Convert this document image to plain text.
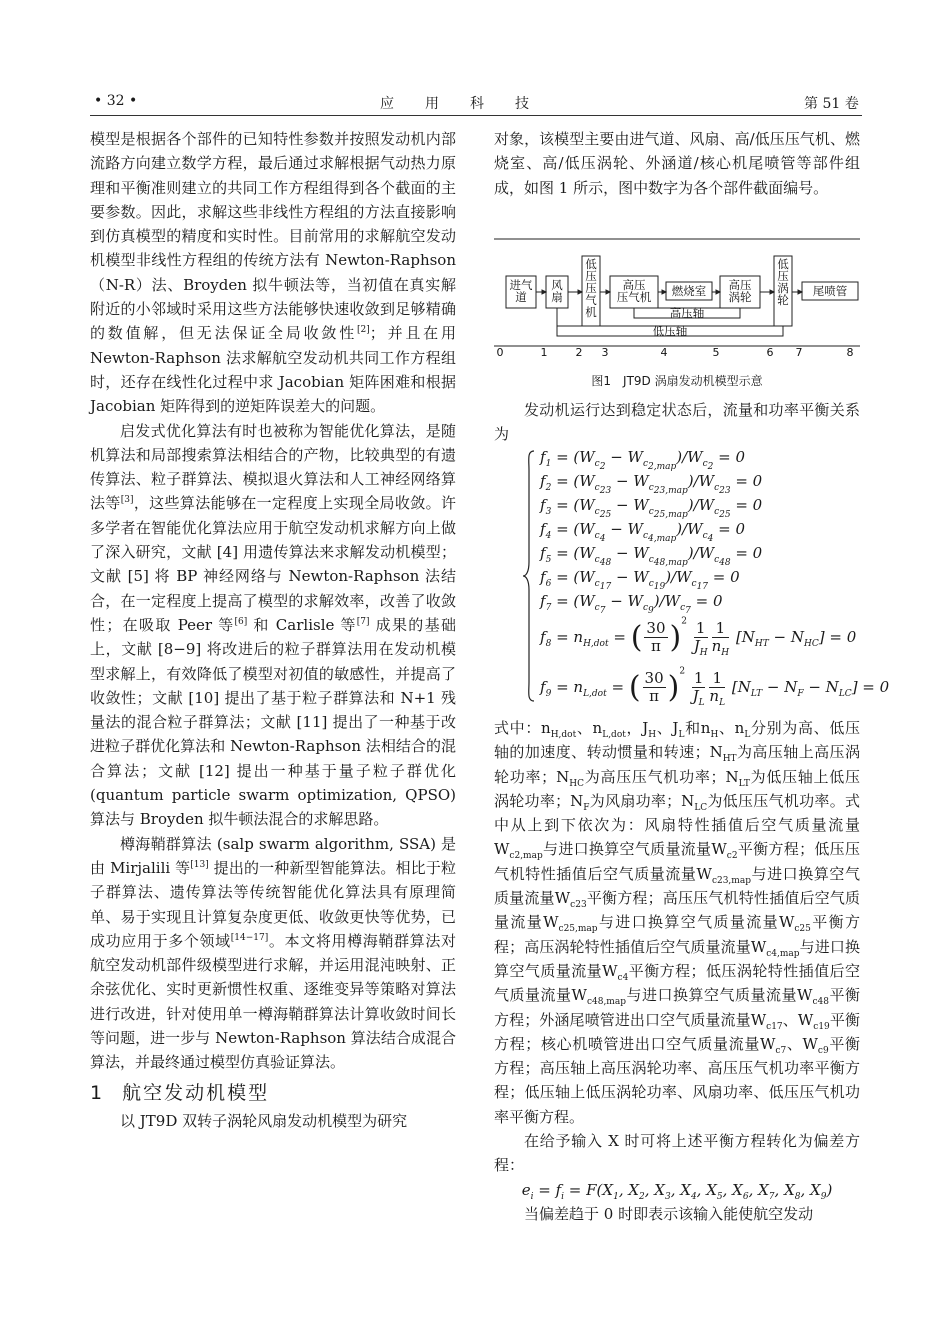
• 32 •	应　　用　　科　　技	第 51 卷

模型是根据各个部件的已知特性参数并按照发动机内部流路方向建立数学方程，最后通过求解根据气动热力原理和平衡准则建立的共同工作方程组得到各个截面的主要参数。因此，求解这些非线性方程组的方法直接影响到仿真模型的精度和实时性。目前常用的求解航空发动机模型非线性方程组的传统方法有 Newton-Raphson（N-R）法、Broyden 拟牛顿法等，当初值在真实解附近的小邻域时采用这些方法能够快速收敛到足够精确的数值解，但无法保证全局收敛性[2]；并且在用 Newton-Raphson 法求解航空发动机共同工作方程组时，还存在线性化过程中求 Jacobian 矩阵困难和根据 Jacobian 矩阵得到的逆矩阵误差大的问题。

启发式优化算法有时也被称为智能优化算法，是随机算法和局部搜索算法相结合的产物，比较典型的有遗传算法、粒子群算法、模拟退火算法和人工神经网络算法等[3]，这些算法能够在一定程度上实现全局收敛。许多学者在智能优化算法应用于航空发动机求解方向上做了深入研究，文献 [4] 用遗传算法来求解发动机模型；文献 [5] 将 BP 神经网络与 Newton-Raphson 法结合，在一定程度上提高了模型的求解效率，改善了收敛性；在吸取 Peer 等[6] 和 Carlisle 等[7] 成果的基础上，文献 [8−9] 将改进后的粒子群算法用在发动机模型求解上，有效降低了模型对初值的敏感性，并提高了收敛性；文献 [10] 提出了基于粒子群算法和 N+1 残量法的混合粒子群算法；文献 [11] 提出了一种基于改进粒子群优化算法和 Newton-Raphson 法相结合的混合算法；文献 [12] 提出一种基于量子粒子群优化 (quantum particle swarm optimization, QPSO)算法与 Broyden 拟牛顿法混合的求解思路。

樽海鞘群算法 (salp swarm algorithm, SSA) 是由 Mirjalili 等[13] 提出的一种新型智能算法。相比于粒子群算法、遗传算法等传统智能优化算法具有原理简单、易于实现且计算复杂度更低、收敛更快等优势，已成功应用于多个领域[14−17]。本文将用樽海鞘群算法对航空发动机部件级模型进行求解，并运用混沌映射、正余弦优化、实时更新惯性权重、逐维变异等策略对算法进行改进，针对使用单一樽海鞘群算法计算收敛时间长等问题，进一步与 Newton-Raphson 算法结合成混合算法，并最终通过模型仿真验证算法。

1 航空发动机模型

以 JT9D 双转子涡轮风扇发动机模型为研究

对象，该模型主要由进气道、风扇、高/低压压气机、燃烧室、高/低压涡轮、外涵道/核心机尾喷管等部件组成，如图 1 所示，图中数字为各个部件截面编号。

进气道
风扇
低压压气机
高压压气机 燃烧室 高压涡轮
低压涡轮
尾喷管
高压轴
低压轴
0	1	2 3	4	5	6 7	8
图1　JT9D 涡扇发动机模型示意

发动机运行达到稳定状态后，流量和功率平衡关系为

$f_1 = (W_{c_2} - W_{c_{2,map}})/W_{c_2} = 0$
$f_2 = (W_{c_{23}} - W_{c_{23,map}})/W_{c_{23}} = 0$
$f_3 = (W_{c_{25}} - W_{c_{25,map}})/W_{c_{25}} = 0$
$f_4 = (W_{c_4} - W_{c_{4,map}})/W_{c_4} = 0$
$f_5 = (W_{c_{48}} - W_{c_{48,map}})/W_{c_{48}} = 0$
$f_6 = (W_{c_{17}} - W_{c_{19}})/W_{c_{17}} = 0$
$f_7 = (W_{c_7} - W_{c_9})/W_{c_7} = 0$
$f_8 = n_{H,dot}$ = ( $\frac{30}{\pi} )^2 \frac{1}{J_H} \frac{1}{n_H} [N_{HT} - N_{HC}] = 0$
$f_9 = n_{L,dot}$ = ( $\frac{30}{\pi} )^2 \frac{1}{J_L} \frac{1}{n_L} [N_{LT} - N_F - N_{LC}] = 0$

式中：$n_{H,dot}$、$n_{L,dot}$，$J_H$、$J_L$和$n_H$、$n_L$分别为高、低压轴的加速度、转动惯量和转速；$N_{HT}$为高压轴上高压涡轮功率；$N_{HC}$为高压压气机功率；$N_{LT}$为低压轴上低压涡轮功率；$N_F$为风扇功率；$N_{LC}$为低压压气机功率。式中从上到下依次为：风扇特性插值后空气质量流量$W_{c2,map}$与进口换算空气质量流量$W_{c2}$平衡方程；低压压气机特性插值后空气质量流量$W_{c23,map}$与进口换算空气质量流量$W_{c23}$平衡方程；高压压气机特性插值后空气质量流量$W_{c25,map}$与进口换算空气质量流量$W_{c25}$平衡方程；高压涡轮特性插值后空气质量流量$W_{c4,map}$与进口换算空气质量流量$W_{c4}$平衡方程；低压涡轮特性插值后空气质量流量$W_{c48,map}$与进口换算空气质量流量$W_{c48}$平衡方程；外涵尾喷管进出口空气质量流量$W_{c17}$、$W_{c19}$平衡方程；核心机喷管进出口空气质量流量$W_{c7}$、$W_{c9}$平衡方程；高压轴上高压涡轮功率、高压压气机功率平衡方程；低压轴上低压涡轮功率、风扇功率、低压压气机功率平衡方程。

在给予输入 X 时可将上述平衡方程转化为偏差方程：

$e_i = f_i = F(X_1$, $X_2$, $X_3$, $X_4$, $X_5$, $X_6$, $X_7$, $X_8$, $X_9$)

当偏差趋于 0 时即表示该输入能使航空发动
